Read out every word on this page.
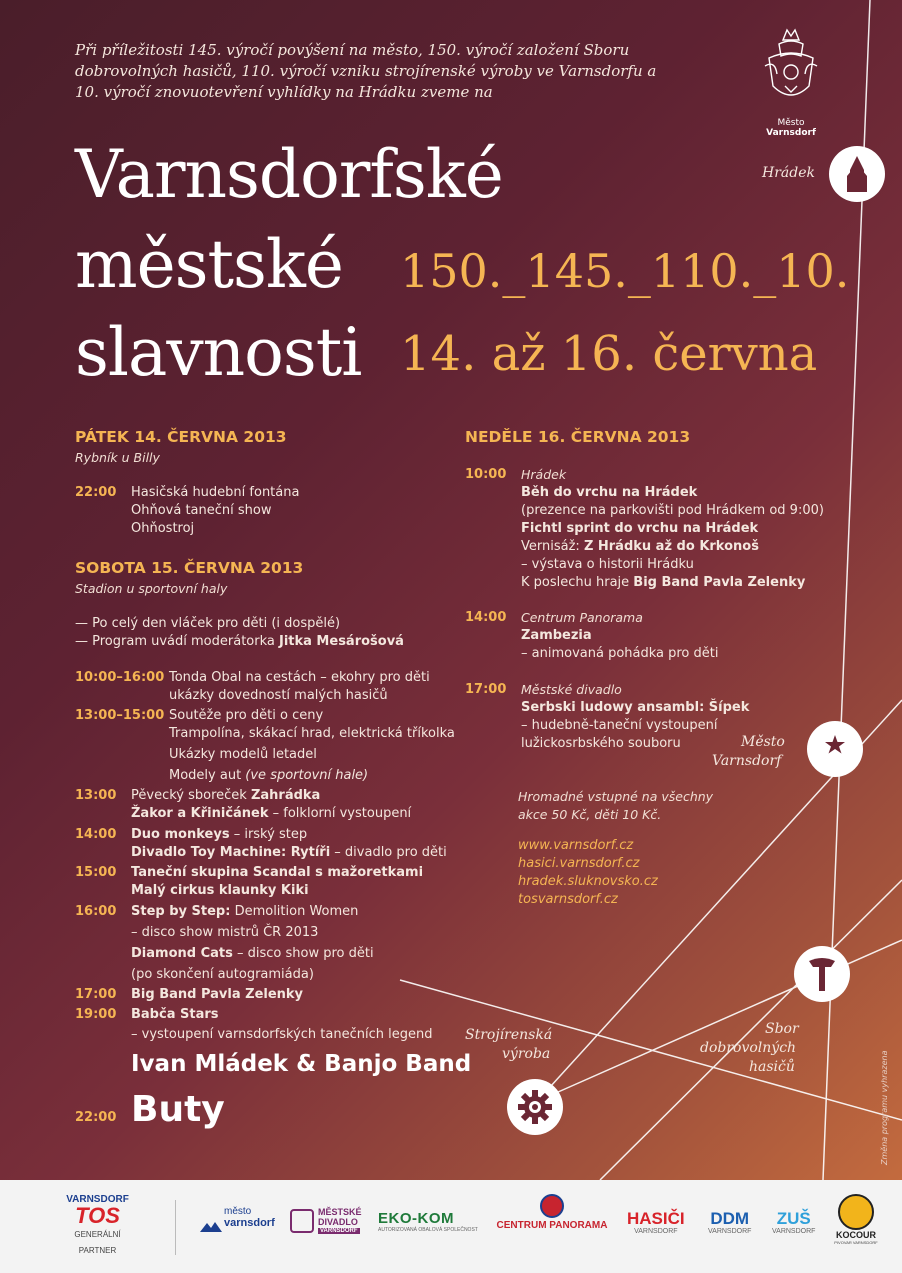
Při příležitosti 145. výročí povýšení na město, 150. výročí založení Sboru dobrovolných hasičů, 110. výročí vzniku strojírenské výroby ve Varnsdorfu a 10. výročí znovuotevření vyhlídky na Hrádku zveme na
Město
Varnsdorf
Varnsdorfské
městské
slavnosti
150._145._110._10.
14. až 16. června
Hrádek
Město
Varnsdorf
Sbor
dobrovolných
hasičů
Strojírenská
výroba
PÁTEK 14. ČERVNA 2013
Rybník u Billy
22:00 Hasičská hudební fontána
Ohňová taneční show
Ohňostroj
SOBOTA 15. ČERVNA 2013
Stadion u sportovní haly
— Po celý den vláček pro děti (i dospělé)
— Program uvádí moderátorka Jitka Mesárošová
10:00–16:00 Tonda Obal na cestách – ekohry pro děti
ukázky dovedností malých hasičů
13:00–15:00 Soutěže pro děti o ceny
Trampolína, skákací hrad, elektrická tříkolka
Ukázky modelů letadel
Modely aut (ve sportovní hale)
13:00 Pěvecký sboreček Zahrádka
Žakor a Křiničánek – folklorní vystoupení
14:00 Duo monkeys – irský step
Divadlo Toy Machine: Rytíři – divadlo pro děti
15:00 Taneční skupina Scandal s mažoretkami
Malý cirkus klaunky Kiki
16:00 Step by Step: Demolition Women
– disco show mistrů ČR 2013
Diamond Cats – disco show pro děti
(po skončení autogramiáda)
17:00 Big Band Pavla Zelenky
19:00 Babča Stars
– vystoupení varnsdorfských tanečních legend
Ivan Mládek & Banjo Band
22:00 Buty
NEDĚLE 16. ČERVNA 2013
10:00 Hrádek
Běh do vrchu na Hrádek
(prezence na parkovišti pod Hrádkem od 9:00)
Fichtl sprint do vrchu na Hrádek
Vernisáž: Z Hrádku až do Krkonoš
– výstava o historii Hrádku
K poslechu hraje Big Band Pavla Zelenky
14:00 Centrum Panorama
Zambezia
– animovaná pohádka pro děti
17:00 Městské divadlo
Serbski ludowy ansambl: Šípek
– hudebně-taneční vystoupení
lužickosrbského souboru
Hromadné vstupné na všechny
akce 50 Kč, děti 10 Kč.
www.varnsdorf.cz
hasici.varnsdorf.cz
hradek.sluknovsko.cz
tosvarnsdorf.cz
Změna programu vyhrazena
VARNSDORF
TOS
GENERÁLNÍ PARTNER
město
varnsdorf
MĚSTSKÉ
DIVADLO
VARNSDORF
EKO-KOM
AUTORIZOVANÁ OBALOVÁ SPOLEČNOST CENTRUM PANORAMA HASIČI
VARNSDORF
DDM
VARNSDORF
ZUŠ
VARNSDORF	KOCOUR
PIVOVAR VARNSDORF
